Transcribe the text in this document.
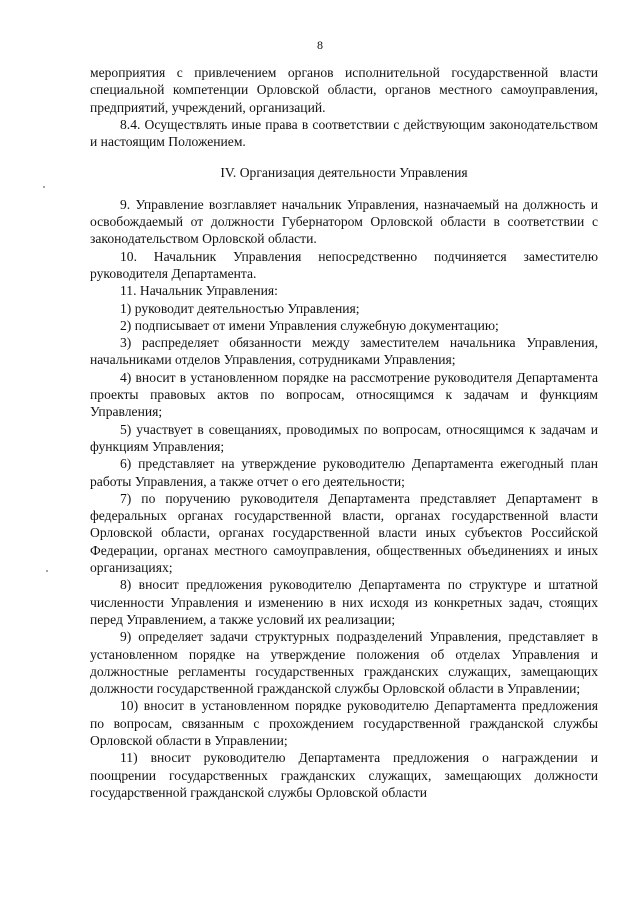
8

мероприятия с привлечением органов исполнительной государственной власти специальной компетенции Орловской области, органов местного самоуправления, предприятий, учреждений, организаций.

8.4. Осуществлять иные права в соответствии с действующим законодательством и настоящим Положением.

IV. Организация деятельности Управления

9. Управление возглавляет начальник Управления, назначаемый на должность и освобождаемый от должности Губернатором Орловской области в соответствии с законодательством Орловской области.

10. Начальник Управления непосредственно подчиняется заместителю руководителя Департамента.

11. Начальник Управления:

1) руководит деятельностью Управления;

2) подписывает от имени Управления служебную документацию;

3) распределяет обязанности между заместителем начальника Управления, начальниками отделов Управления, сотрудниками Управления;

4) вносит в установленном порядке на рассмотрение руководителя Департамента проекты правовых актов по вопросам, относящимся к задачам и функциям Управления;

5) участвует в совещаниях, проводимых по вопросам, относящимся к задачам и функциям Управления;

6) представляет на утверждение руководителю Департамента ежегодный план работы Управления, а также отчет о его деятельности;

7) по поручению руководителя Департамента представляет Департамент в федеральных органах государственной власти, органах государственной власти Орловской области, органах государственной власти иных субъектов Российской Федерации, органах местного самоуправления, общественных объединениях и иных организациях;

8) вносит предложения руководителю Департамента по структуре и штатной численности Управления и изменению в них исходя из конкретных задач, стоящих перед Управлением, а также условий их реализации;

9) определяет задачи структурных подразделений Управления, представляет в установленном порядке на утверждение положения об отделах Управления и должностные регламенты государственных гражданских служащих, замещающих должности государственной гражданской службы Орловской области в Управлении;

10) вносит в установленном порядке руководителю Департамента предложения по вопросам, связанным с прохождением государственной гражданской службы Орловской области в Управлении;

11) вносит руководителю Департамента предложения о награждении и поощрении государственных гражданских служащих, замещающих должности государственной гражданской службы Орловской области
